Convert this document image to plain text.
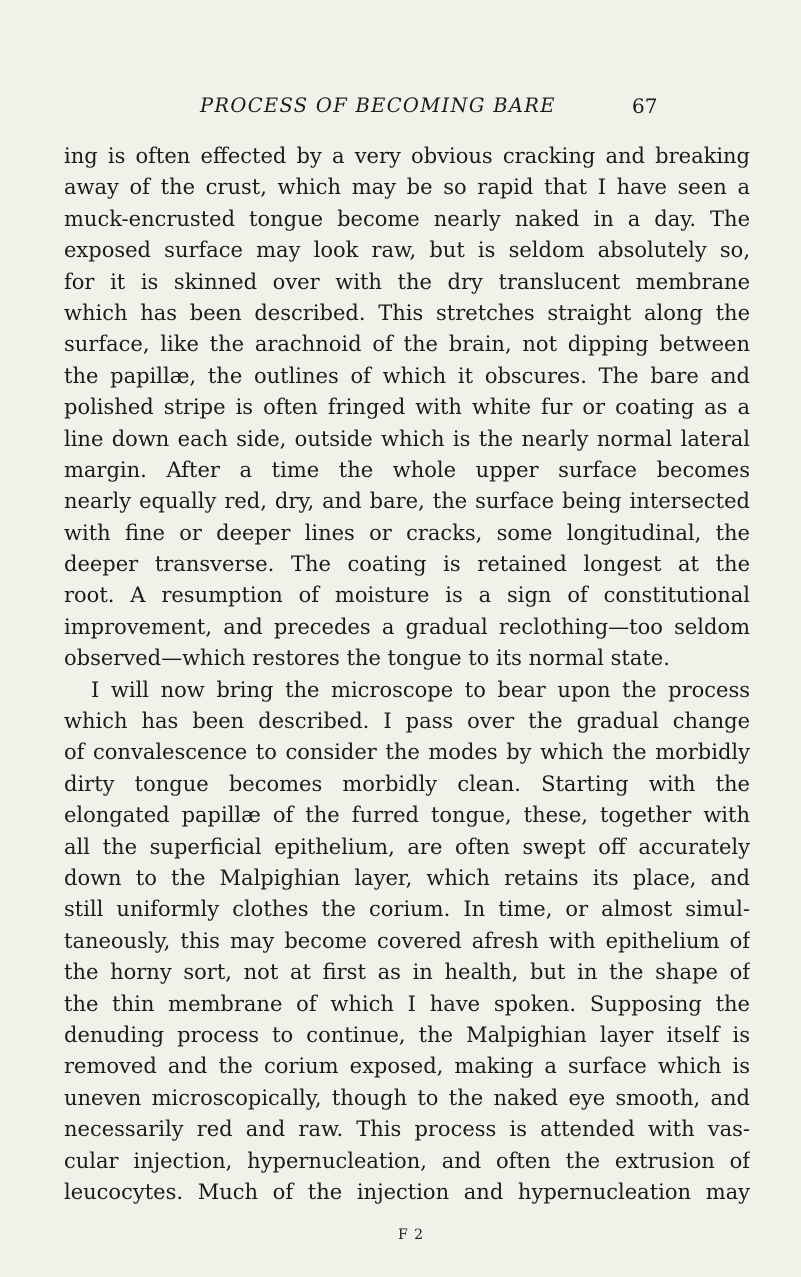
PROCESS OF BECOMING BARE	67
ing is often effected by a very obvious cracking and breaking
away of the crust, which may be so rapid that I have seen a
muck-encrusted tongue become nearly naked in a day. The
exposed surface may look raw, but is seldom absolutely so,
for it is skinned over with the dry translucent membrane
which has been described. This stretches straight along the
surface, like the arachnoid of the brain, not dipping between
the papillæ, the outlines of which it obscures. The bare and
polished stripe is often fringed with white fur or coating as a
line down each side, outside which is the nearly normal lateral
margin. After a time the whole upper surface becomes
nearly equally red, dry, and bare, the surface being intersected
with fine or deeper lines or cracks, some longitudinal, the
deeper transverse. The coating is retained longest at the
root. A resumption of moisture is a sign of constitutional
improvement, and precedes a gradual reclothing—too seldom
observed—which restores the tongue to its normal state.
I will now bring the microscope to bear upon the process
which has been described. I pass over the gradual change
of convalescence to consider the modes by which the morbidly
dirty tongue becomes morbidly clean. Starting with the
elongated papillæ of the furred tongue, these, together with
all the superficial epithelium, are often swept off accurately
down to the Malpighian layer, which retains its place, and
still uniformly clothes the corium. In time, or almost simul-
taneously, this may become covered afresh with epithelium of
the horny sort, not at first as in health, but in the shape of
the thin membrane of which I have spoken. Supposing the
denuding process to continue, the Malpighian layer itself is
removed and the corium exposed, making a surface which is
uneven microscopically, though to the naked eye smooth, and
necessarily red and raw. This process is attended with vas-
cular injection, hypernucleation, and often the extrusion of
leucocytes. Much of the injection and hypernucleation may
F 2
